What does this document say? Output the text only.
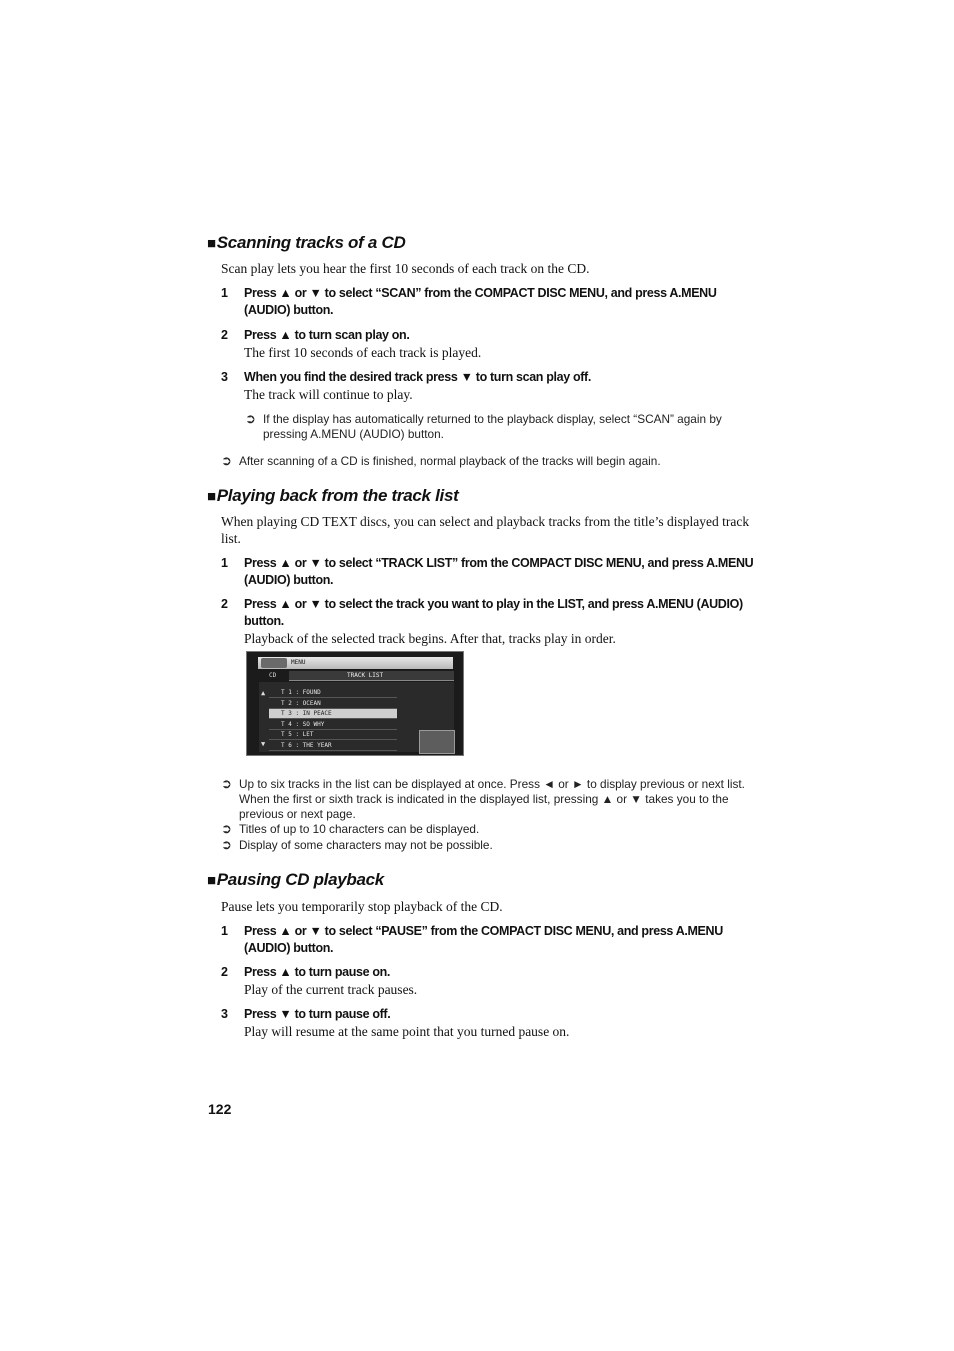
■Scanning tracks of a CD
Scan play lets you hear the first 10 seconds of each track on the CD.
1 Press ▲ or ▼ to select “SCAN” from the COMPACT DISC MENU, and press A.MENU (AUDIO) button.
2 Press ▲ to turn scan play on.
The first 10 seconds of each track is played.
3 When you find the desired track press ▼ to turn scan play off.
The track will continue to play.
➲ If the display has automatically returned to the playback display, select “SCAN” again by pressing A.MENU (AUDIO) button.
➲ After scanning of a CD is finished, normal playback of the tracks will begin again.
■Playing back from the track list
When playing CD TEXT discs, you can select and playback tracks from the title’s displayed track list.
1 Press ▲ or ▼ to select “TRACK LIST” from the COMPACT DISC MENU, and press A.MENU (AUDIO) button.
2 Press ▲ or ▼ to select the track you want to play in the LIST, and press A.MENU (AUDIO) button.
Playback of the selected track begins. After that, tracks play in order.
MENU
CD	TRACK LIST
▲
▼
T 1 : FOUND
T 2 : OCEAN
T 3 : IN PEACE
T 4 : SO WHY
T 5 : LET
T 6 : THE YEAR
➲ Up to six tracks in the list can be displayed at once. Press ◄ or ► to display previous or next list. When the first or sixth track is indicated in the displayed list, pressing ▲ or ▼ takes you to the previous or next page.
➲ Titles of up to 10 characters can be displayed.
➲ Display of some characters may not be possible.
■Pausing CD playback
Pause lets you temporarily stop playback of the CD.
1 Press ▲ or ▼ to select “PAUSE” from the COMPACT DISC MENU, and press A.MENU (AUDIO) button.
2 Press ▲ to turn pause on.
Play of the current track pauses.
3 Press ▼ to turn pause off.
Play will resume at the same point that you turned pause on.
122
